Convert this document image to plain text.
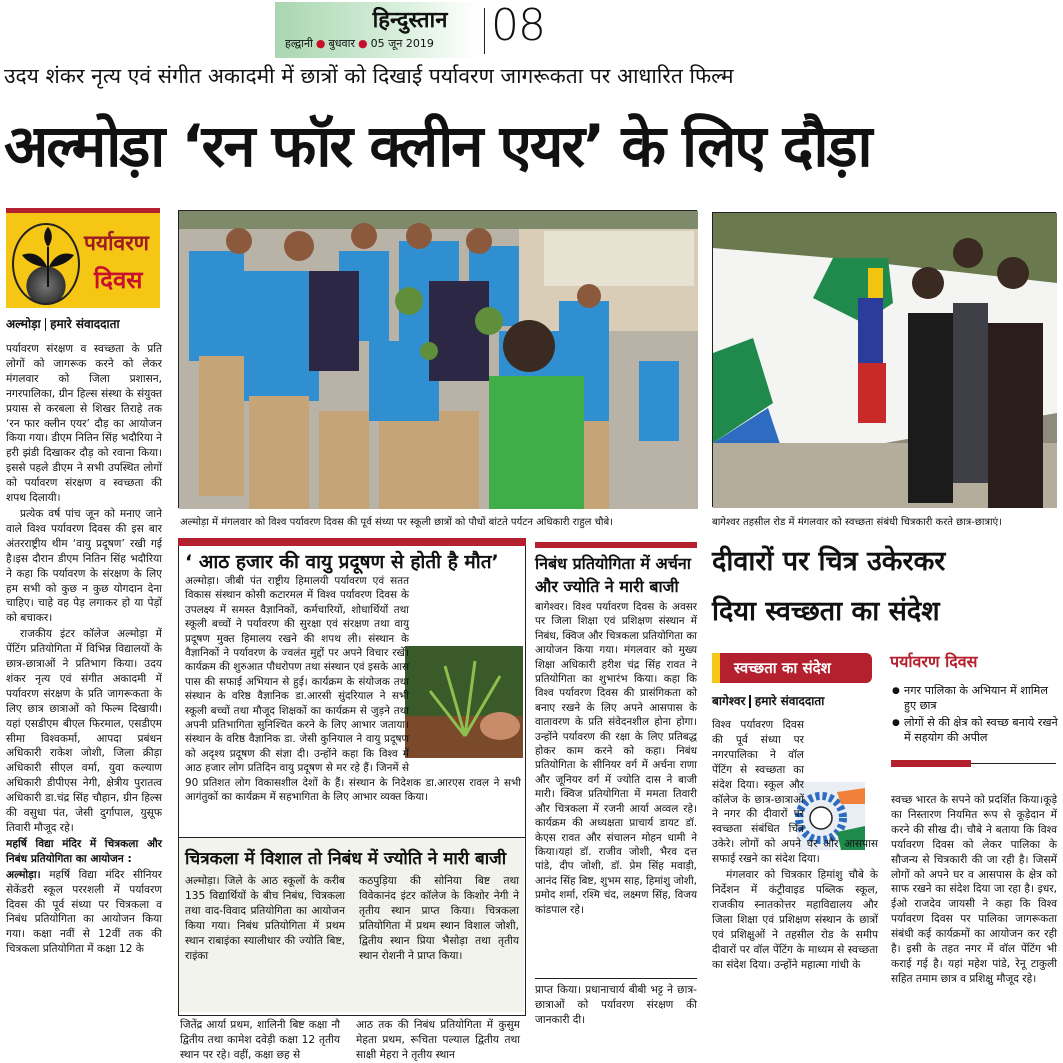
हिन्दुस्तान
हल्द्वानी ● बुधवार ● 05 जून 2019	08
उदय शंकर नृत्य एवं संगीत अकादमी में छात्रों को दिखाई पर्यावरण जागरूकता पर आधारित फिल्म
अल्मोड़ा ‘रन फॉर क्लीन एयर’ के लिए दौड़ा
पर्यावरण
दिवस
अल्मोड़ा हमारे संवाददाता

पर्यावरण संरक्षण व स्वच्छता के प्रति लोगों को जागरूक करने को लेकर मंगलवार को जिला प्रशासन, नगरपालिका, ग्रीन हिल्स संस्था के संयुक्त प्रयास से करबला से शिखर तिराहे तक ‘रन फार क्लीन एयर’ दौड़ का आयोजन किया गया। डीएम नितिन सिंह भदौरिया ने हरी झंडी दिखाकर दौड़ को रवाना किया।इससे पहले डीएम ने सभी उपस्थित लोगों को पर्यावरण संरक्षण व स्वच्छता की शपथ दिलायी।

प्रत्येक वर्ष पांच जून को मनाए जाने वाले विश्व पर्यावरण दिवस की इस बार अंतरराष्ट्रीय थीम ‘वायु प्रदूषण’ रखी गई है।इस दौरान डीएम नितिन सिंह भदौरिया ने कहा कि पर्यावरण के संरक्षण के लिए हम सभी को कुछ न कुछ योगदान देना चाहिए। चाहे वह पेड़ लगाकर हो या पेड़ों को बचाकर।

राजकीय इंटर कॉलेज अल्मोड़ा में पेंटिंग प्रतियोगिता में विभिन्न विद्यालयों के छात्र-छात्राओं ने प्रतिभाग किया। उदय शंकर नृत्य एवं संगीत अकादमी में पर्यावरण संरक्षण के प्रति जागरूकता के लिए छात्र छात्राओं को फिल्म दिखायी। यहां एसडीएम बीएल फिरमाल, एसडीएम सीमा विश्वकर्मा, आपदा प्रबंधन अधिकारी राकेश जोशी, जिला क्रीड़ा अधिकारी सीएल वर्मा, युवा कल्याण अधिकारी डीपीएस नेगी, क्षेत्रीय पुरातत्व अधिकारी डा.चंद्र सिंह चौहान, ग्रीन हिल्स की वसुधा पंत, जेसी दुर्गापाल, युसूफ तिवारी मौजूद रहे।

महर्षि विद्या मंदिर में चित्रकला और निबंध प्रतियोगिता का आयोजन :

अल्मोड़ा। महर्षि विद्या मंदिर सीनियर सेकेंडरी स्कूल पररशली में पर्यावरण दिवस की पूर्व संध्या पर चित्रकला व निबंध प्रतियोगिता का आयोजन किया गया। कक्षा नवीं से 12वीं तक की चित्रकला प्रतियोगिता में कक्षा 12 के

अल्मोड़ा में मंगलवार को विश्व पर्यावरण दिवस की पूर्व संध्या पर स्कूली छात्रों को पौधों बांटते पर्यटन अधिकारी राहुल चौबे।	बागेश्वर तहसील रोड में मंगलवार को स्वच्छता संबंधी चित्रकारी करते छात्र-छात्राएं।
‘ आठ हजार की वायु प्रदूषण से होती है मौत’
अल्मोड़ा। जीबी पंत राष्ट्रीय हिमालयी पर्यावरण एवं सतत विकास संस्थान कोसी कटारमल में विश्व पर्यावरण दिवस के उपलक्ष्य में समस्त वैज्ञानिकों, कर्मचारियों, शोधार्थियों तथा स्कूली बच्चों ने पर्यावरण की सुरक्षा एवं संरक्षण तथा वायु प्रदूषण मुक्त हिमालय रखने की शपथ ली। संस्थान के वैज्ञानिकों ने पर्यावरण के ज्वलंत मुद्दों पर अपने विचार रखें। कार्यक्रम की शुरुआत पौधरोपण तथा संस्थान एवं इसके आस पास की सफाई अभियान से हुई। कार्यक्रम के संयोजक तथा संस्थान के वरिष्ठ वैज्ञानिक डा.आरसी सुंदरियाल ने सभी स्कूली बच्चों तथा मौजूद शिक्षकों का कार्यक्रम से जुड़ने तथा अपनी प्रतिभागिता सुनिश्चित करने के लिए आभार जताया। संस्थान के वरिष्ठ वैज्ञानिक डा. जेसी कुनियाल ने वायु प्रदूषण को अदृश्य प्रदूषण की संज्ञा दी। उन्होंने कहा कि विश्व में आठ हजार लोग प्रतिदिन वायु प्रदूषण से मर रहे हैं। जिनमें से 90 प्रतिशत लोग विकासशील देशों के हैं। संस्थान के निदेशक डा.आरएस रावल ने सभी आगंतुकों का कार्यक्रम में सहभागिता के लिए आभार व्यक्त किया।
चित्रकला में विशाल तो निबंध में ज्योति ने मारी बाजी
अल्मोड़ा। जिले के आठ स्कूलों के करीब 135 विद्यार्थियों के बीच निबंध, चित्रकला तथा वाद-विवाद प्रतियोगिता का आयोजन किया गया। निबंध प्रतियोगिता में प्रथम स्थान राबाइंका स्यालीधार की ज्योति बिष्ट, राइंका
कठपुड़िया की सोनिया बिष्ट तथा विवेकानंद इंटर कॉलेज के किशोर नेगी ने तृतीय स्थान प्राप्त किया। चित्रकला प्रतियोगिता में प्रथम स्थान विशाल जोशी, द्वितीय स्थान प्रिया भैसोड़ा तथा तृतीय स्थान रोशनी ने प्राप्त किया।
जितेंद्र आर्या प्रथम, शालिनी बिष्ट कक्षा नौ द्वितीय तथा कामेश दवेड़ी कक्षा 12 तृतीय स्थान पर रहे। वहीं, कक्षा छह से
आठ तक की निबंध प्रतियोगिता में कुसुम मेहता प्रथम, रूचिता पल्याल द्वितीय तथा साक्षी मेहरा ने तृतीय स्थान
निबंध प्रतियोगिता में अर्चना और ज्योति ने मारी बाजी
बागेश्वर। विश्व पर्यावरण दिवस के अवसर पर जिला शिक्षा एवं प्रशिक्षण संस्थान में निबंध, क्विज और चित्रकला प्रतियोगिता का आयोजन किया गया। मंगलवार को मुख्य शिक्षा अधिकारी हरीश चंद्र सिंह रावत ने प्रतियोगिता का शुभारंभ किया। कहा कि विश्व पर्यावरण दिवस की प्रासंगिकता को बनाए रखने के लिए अपने आसपास के वातावरण के प्रति संवेदनशील होना होगा। उन्होंने पर्यावरण की रक्षा के लिए प्रतिबद्ध होकर काम करने को कहा। निबंध प्रतियोगिता के सीनियर वर्ग में अर्चना राणा और जूनियर वर्ग में ज्योति दास ने बाजी मारी। क्विज प्रतियोगिता में ममता तिवारी और चित्रकला में रजनी आर्या अव्वल रहे। कार्यक्रम की अध्यक्षता प्राचार्य डायट डॉ. केएस रावत और संचालन मोहन धामी ने किया।यहां डॉ. राजीव जोशी, भैरव दत्त पांडे, दीप जोशी, डॉ. प्रेम सिंह मवाड़ी, आनंद सिंह बिष्ट, शुभम साह, हिमांशु जोशी, प्रमोद शर्मा, रश्मि चंद, लक्ष्मण सिंह, विजय कांडपाल रहे।
प्राप्त किया। प्रधानाचार्य बीबी भट्ट ने छात्र-छात्राओं को पर्यावरण संरक्षण की जानकारी दी।
दीवारों पर चित्र उकेरकर
दिया स्वच्छता का संदेश
स्वच्छता का संदेश
बागेश्वर हमारे संवाददाता

विश्व पर्यावरण दिवस की पूर्व संध्या पर नगरपालिका ने वॉल पेंटिंग से स्वच्छता का संदेश दिया। स्कूल और कॉलेज के छात्र-छात्राओं ने नगर की दीवारों पर स्वच्छता संबंधित चित्र उकेरे। लोगों को अपने घर और आसपास सफाई रखने का संदेश दिया।

मंगलवार को चित्रकार हिमांशु चौबे के निर्देशन में कंट्रीवाइड पब्लिक स्कूल, राजकीय स्नातकोत्तर महाविद्यालय और जिला शिक्षा एवं प्रशिक्षण संस्थान के छात्रों एवं प्रशिक्षुओं ने तहसील रोड के समीप दीवारों पर वॉल पेंटिंग के माध्यम से स्वच्छता का संदेश दिया। उन्होंने महात्मा गांधी के

पर्यावरण दिवस
● नगर पालिका के अभियान में शामिल हुए छात्र
● लोगों से की क्षेत्र को स्वच्छ बनाये रखने में सहयोग की अपील
स्वच्छ भारत के सपने को प्रदर्शित किया।कूड़े का निस्तारण नियमित रूप से कूड़ेदान में करने की सीख दी। चौबे ने बताया कि विश्व पर्यावरण दिवस को लेकर पालिका के सौजन्य से चित्रकारी की जा रही है। जिसमें लोगों को अपने घर व आसपास के क्षेत्र को साफ रखने का संदेश दिया जा रहा है। इधर, ईओ राजदेव जायसी ने कहा कि विश्व पर्यावरण दिवस पर पालिका जागरूकता संबंधी कई कार्यक्रमों का आयोजन कर रही है। इसी के तहत नगर में वॉल पेंटिंग भी कराई गई है। यहां महेश पांडे, रेनू टाकुली सहित तमाम छात्र व प्रशिक्षु मौजूद रहे।
